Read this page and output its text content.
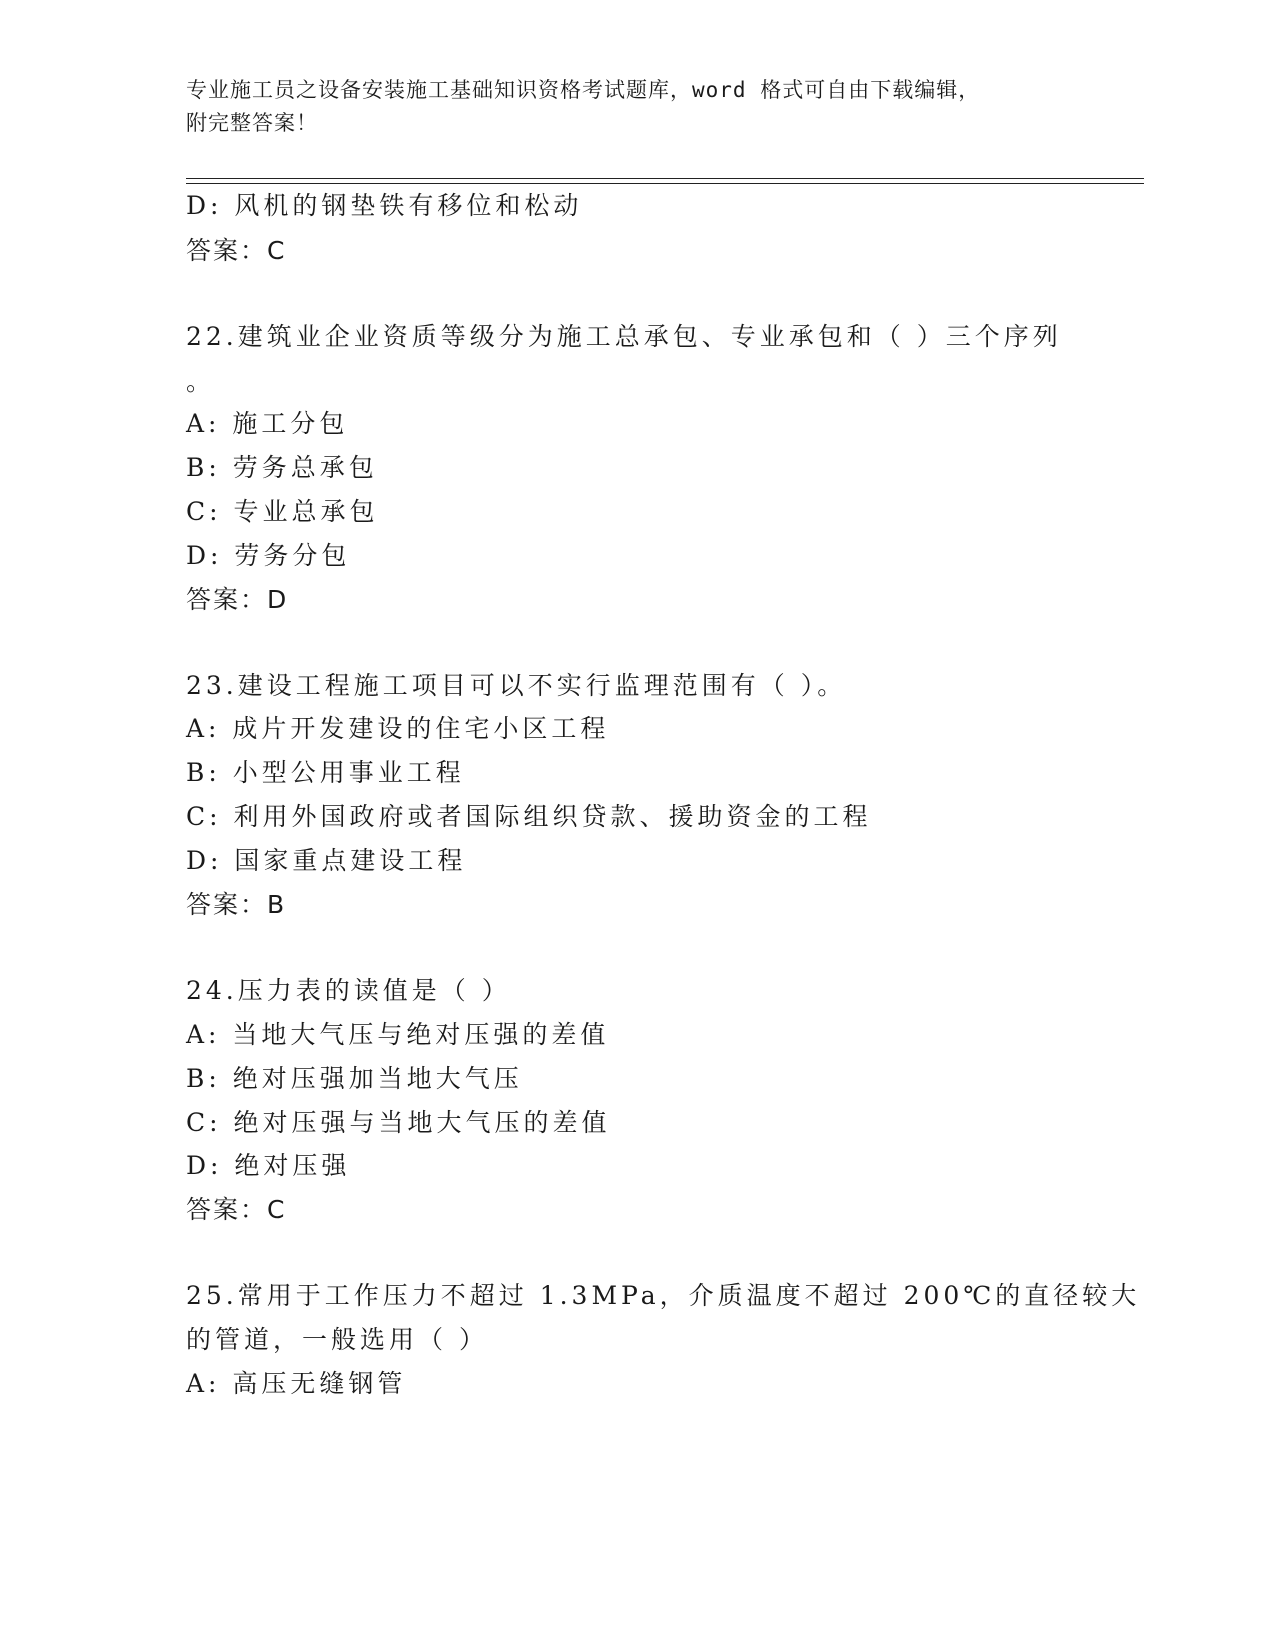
专业施工员之设备安装施工基础知识资格考试题库，word 格式可自由下载编辑，
附完整答案！
D: 风机的钢垫铁有移位和松动
答案：C
22.建筑业企业资质等级分为施工总承包、专业承包和（ ）三个序列
。
A: 施工分包
B: 劳务总承包
C: 专业总承包
D: 劳务分包
答案：D
23.建设工程施工项目可以不实行监理范围有（ ）。
A: 成片开发建设的住宅小区工程
B: 小型公用事业工程
C: 利用外国政府或者国际组织贷款、援助资金的工程
D: 国家重点建设工程
答案：B
24.压力表的读值是（ ）
A: 当地大气压与绝对压强的差值
B: 绝对压强加当地大气压
C: 绝对压强与当地大气压的差值
D: 绝对压强
答案：C
25.常用于工作压力不超过 1.3MPa，介质温度不超过 200℃的直径较大
的管道，一般选用（ ）
A: 高压无缝钢管
